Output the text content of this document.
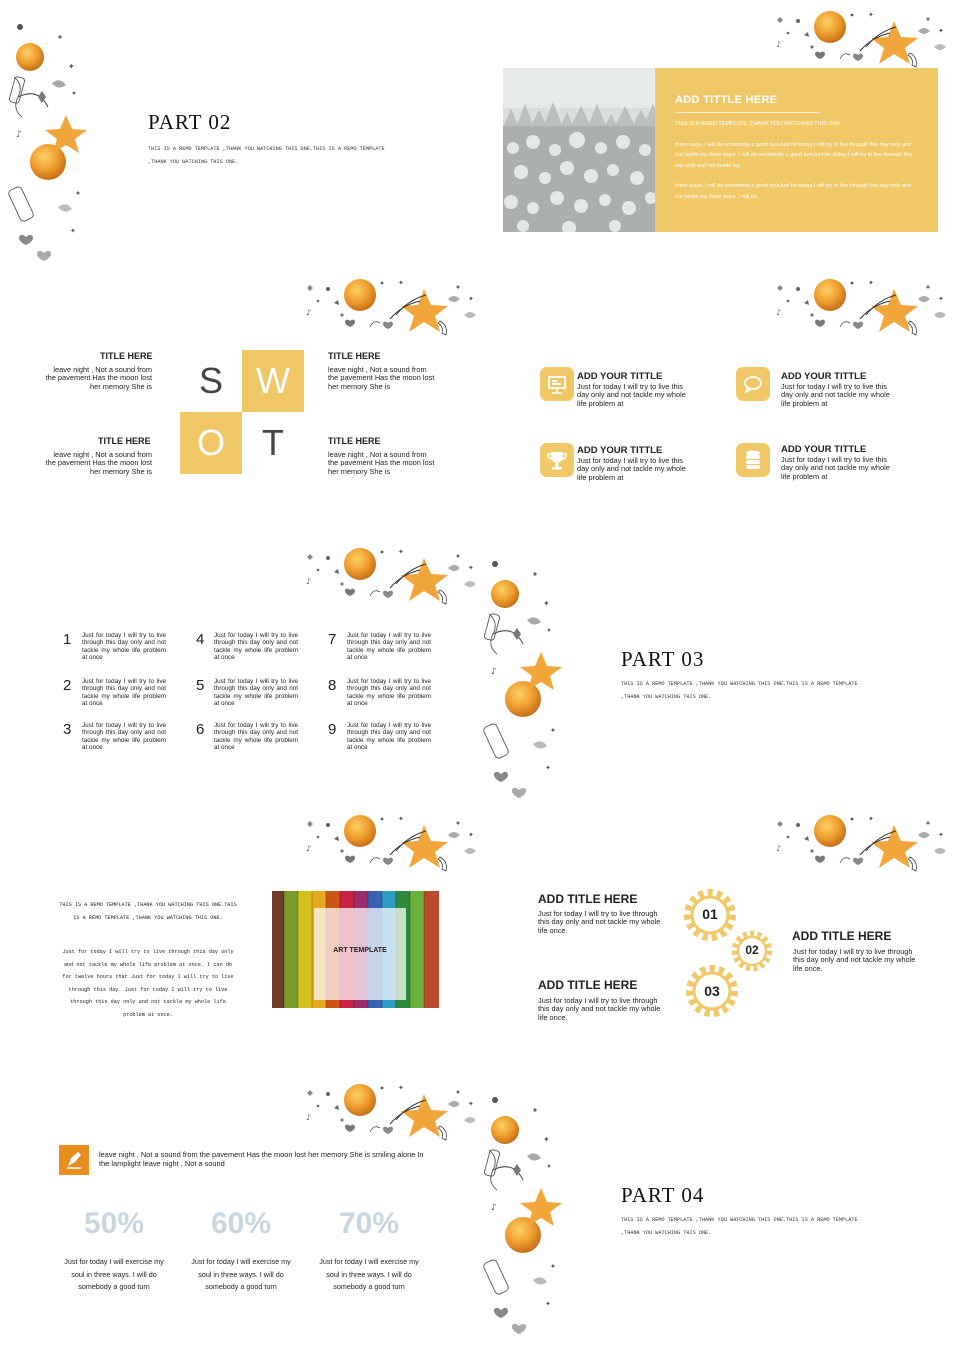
PART 02
THIS IS A REMO TEMPLATE ,THANK YOU WATCHING THIS ONE.THIS IS A REMO TEMPLATE ,THANK YOU WATCHING THIS ONE.
ADD TITTLE HERE

THIS IS A REMO TEMPLATE ,THANK YOU WATCHING THIS ONE

three ways. I will do somebody a good turnJust for today I will try to live through this day only and not tackle my three ways. I will do somebody a good turnJust for today I will try to live through this day only and not tackle my

three ways. I will do somebody a good turnJust for today I will try to live through this day only and not tackle my three ways. I will do

S W
O	T
TITLE HERE
leave night , Not a sound from the pavement Has the moon lost her memory She is
TITLE HERE
leave night , Not a sound from the pavement Has the moon lost her memory She is
TITLE HERE
leave night , Not a sound from the pavement Has the moon lost her memory She is
TITLE HERE
leave night , Not a sound from the pavement Has the moon lost her memory She is
ADD YOUR TITTLE
Just for today I will try to live this day only and not tackle my whole life problem at
ADD YOUR TITTLE
Just for today I will try to live this day only and not tackle my whole life problem at
ADD YOUR TITTLE
Just for today I will try to live this day only and not tackle my whole life problem at
ADD YOUR TITTLE
Just for today I will try to live this day only and not tackle my whole life problem at
1 Just for today I will try to live through this day only and not tackle my whole life problem at once
2 Just for today I will try to live through this day only and not tackle my whole life problem at once
3 Just for today I will try to live through this day only and not tackle my whole life problem at once
4 Just for today I will try to live through this day only and not tackle my whole life problem at once
5 Just for today I will try to live through this day only and not tackle my whole life problem at once
6 Just for today I will try to live through this day only and not tackle my whole life problem at once
7 Just for today I will try to live through this day only and not tackle my whole life problem at once
8 Just for today I will try to live through this day only and not tackle my whole life problem at once
9 Just for today I will try to live through this day only and not tackle my whole life problem at once
PART 03
THIS IS A REMO TEMPLATE ,THANK YOU WATCHING THIS ONE.THIS IS A REMO TEMPLATE ,THANK YOU WATCHING THIS ONE.
THIS IS A REMO TEMPLATE ,THANK YOU WATCHING THIS ONE.THIS IS A REMO TEMPLATE ,THANK YOU WATCHING THIS ONE.
Just for today I will try to live through this day only and not tackle my whole life problem at once. I can do for twelve hours that Just for today I will try to live through this day. Just for today I will try to live through this day only and not tackle my whole life problem at once.
ART TEMPLATE
01
02
03
ADD TITLE HERE
Just for today I will try to live through this day only and not tackle my whole life once.	ADD TITLE HERE
Just for today I will try to live through this day only and not tackle my whole life once.
ADD TITLE HERE
Just for today I will try to live through this day only and not tackle my whole life once.
leave night , Not a sound from the pavement Has the moon lost her memory She is smiling alone In the lamplight leave night , Not a sound
50%
Just for today I will exercise my soul in three ways. I will do somebody a good turn
60%
Just for today I will exercise my soul in three ways. I will do somebody a good turn
70%
Just for today I will exercise my soul in three ways. I will do somebody a good turn
PART 04
THIS IS A REMO TEMPLATE ,THANK YOU WATCHING THIS ONE.THIS IS A REMO TEMPLATE ,THANK YOU WATCHING THIS ONE.
